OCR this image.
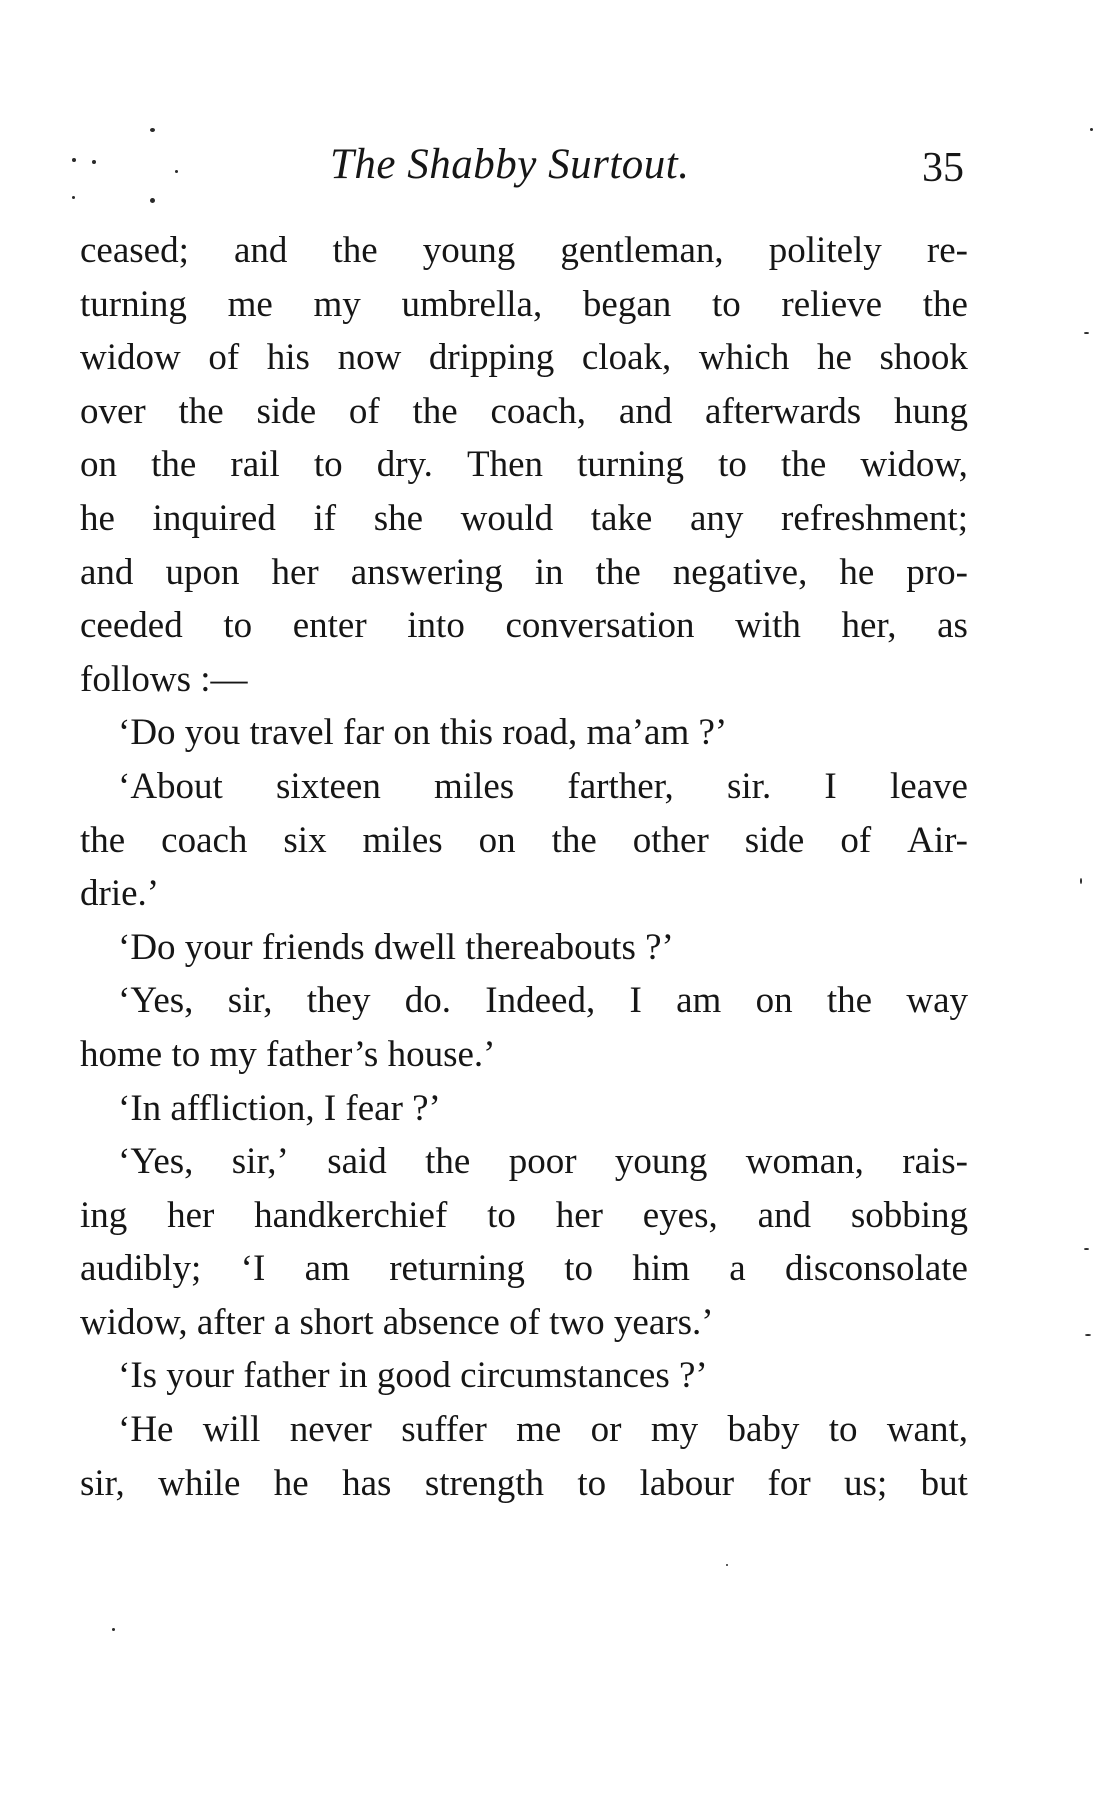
The Shabby Surtout.	35
ceased; and the young gentleman, politely re-
turning me my umbrella, began to relieve the
widow of his now dripping cloak, which he shook
over the side of the coach, and afterwards hung
on the rail to dry. Then turning to the widow,
he inquired if she would take any refreshment;
and upon her answering in the negative, he pro-
ceeded to enter into conversation with her, as
follows :—
‘Do you travel far on this road, ma’am ?’
‘About sixteen miles farther, sir. I leave
the coach six miles on the other side of Air-
drie.’
‘Do your friends dwell thereabouts ?’
‘Yes, sir, they do. Indeed, I am on the way
home to my father’s house.’
‘In affliction, I fear ?’
‘Yes, sir,’ said the poor young woman, rais-
ing her handkerchief to her eyes, and sobbing
audibly; ‘I am returning to him a disconsolate
widow, after a short absence of two years.’
‘Is your father in good circumstances ?’
‘He will never suffer me or my baby to want,
sir, while he has strength to labour for us; but
